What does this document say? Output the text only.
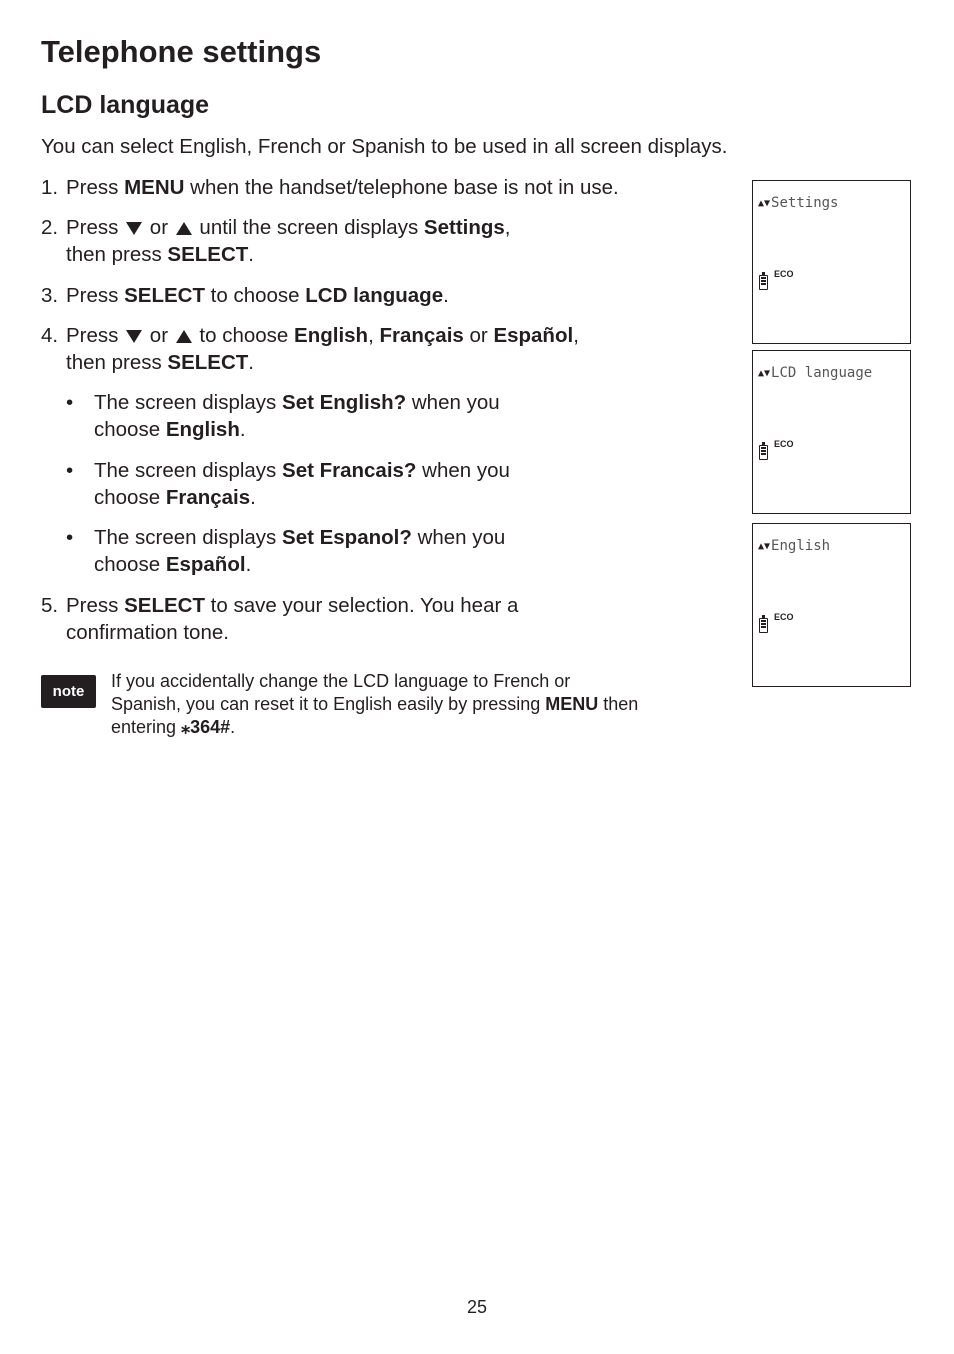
Telephone settings
LCD language

You can select English, French or Spanish to be used in all screen displays.

1. Press MENU when the handset/telephone base is not in use.
2. Press  or  until the screen displays Settings,
then press SELECT.
3. Press SELECT to choose LCD language.
4. Press  or  to choose English, Français or Español,
then press SELECT.
• The screen displays Set English? when you
choose English.
• The screen displays Set Francais? when you
choose Français.
• The screen displays Set Espanol? when you
choose Español.
5. Press SELECT to save your selection. You hear a
confirmation tone.
note
If you accidentally change the LCD language to French or
Spanish, you can reset it to English easily by pressing MENU then
entering ⁎364#.
▲▼Settings
ECO
▲▼LCD language
ECO
▲▼English
ECO
25
